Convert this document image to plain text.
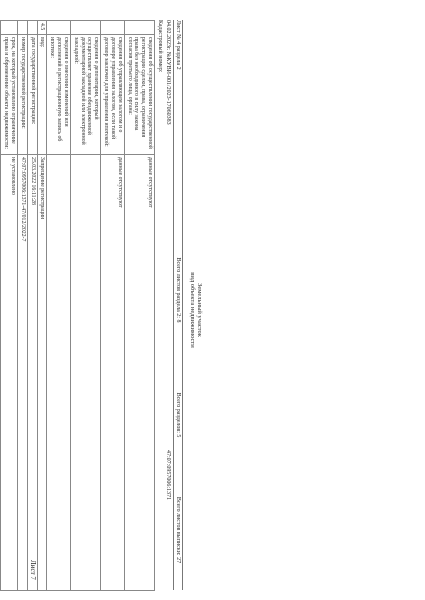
Лист 7
Земельный участок
вид объекта недвижимости
Лист № 4 раздела 2
Всего листов раздела 2: 8
Всего разделов: 5
Всего листов выписки: 27
04.02.2023г. №КУВИ-001/2023-17060383
Кадастровый номер:
47:07:0957006:1371
	сведения об осуществлении государственной регистрации сделки, права, ограничения права без необходимого в силу закона согласия третьего лица, органа:	данные отсутствуют
	сведения об управляющем залогом и о договоре управления залогом, если такой договор заключен для управления ипотекой:	данные отсутствуют
	сведения о депозитарии, который осуществляет хранение обездвиженной документарной закладной или электронной закладной:	
	сведения о внесении изменений или дополнений в регистрационную запись об ипотеке:	
4.5	вид:	Запрещение регистрации
	дата государственной регистрации:	25.03.2022 16:11:28
	номер государственной регистрации:	47:07:0957006:1371-47/012/2022-7
	срок, на который установлено ограничение права и обременение объекта недвижимости:	не установлено
